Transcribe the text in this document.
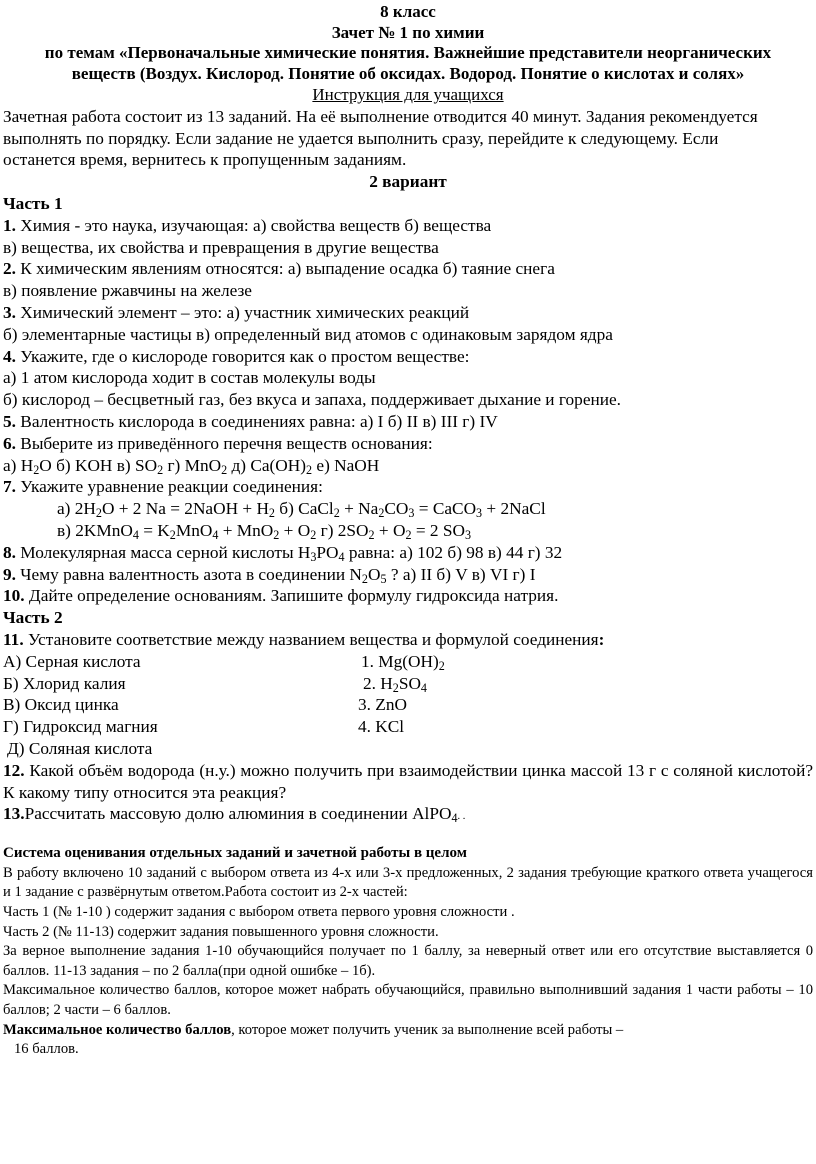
8 класс
Зачет № 1 по химии
по темам «Первоначальные химические понятия. Важнейшие представители неорганических веществ (Воздух. Кислород. Понятие об оксидах. Водород. Понятие о кислотах и солях»
Инструкция для учащихся
Зачетная работа состоит из 13 заданий. На её выполнение отводится 40 минут. Задания рекомендуется выполнять по порядку. Если задание не удается выполнить сразу, перейдите к следующему. Если останется время, вернитесь к пропущенным заданиям.
2 вариант
Часть 1
1. Химия - это наука, изучающая: а) свойства веществ б) вещества
в) вещества, их свойства и превращения в другие вещества
2. К химическим явлениям относятся: а) выпадение осадка б) таяние снега
в) появление ржавчины на железе
3. Химический элемент – это: а) участник химических реакций
б) элементарные частицы в) определенный вид атомов с одинаковым зарядом ядра
4. Укажите, где о кислороде говорится как о простом веществе:
а) 1 атом кислорода ходит в состав молекулы воды
б) кислород – бесцветный газ, без вкуса и запаха, поддерживает дыхание и горение.
5. Валентность кислорода в соединениях равна: а) I б) II в) III г) IV
6. Выберите из приведённого перечня веществ основания:
а) $H_2O$ б) KOH в) $SO_2$ г) MnO$_2$ д) $Ca(OH)_2$ е) NaOH
7. Укажите уравнение реакции соединения:
а) $2H_2O + 2$ Na = 2NaOH + $H_2$ б) CaCl$_2$ + $Na_2CO_3$ = CaCO$_3$ + 2NaCl
в) 2KMnO$_4$ = $K_2MnO_4 + MnO_2 + O_2$ г) $2SO_2 + O_2 = 2$ $SO_3$
8. Молекулярная масса серной кислоты $H_3PO_4$ равна: а) 102 б) 98 в) 44 г) 32
9. Чему равна валентность азота в соединении $N_2O_5$ ? а) II б) V в) VI г) I
10. Дайте определение основаниям. Запишите формулу гидроксида натрия.
Часть 2
11. Установите соответствие между названием вещества и формулой соединения:
А) Серная кислота	1. $Mg(OH)_2$
Б) Хлорид калия	2. $H_2SO_4$
В) Оксид цинка	3. ZnO
Г) Гидроксид магния	4. KCl
Д) Соляная кислота
12. Какой объём водорода (н.у.) можно получить при взаимодействии цинка массой 13 г с соляной кислотой? К какому типу относится эта реакция?
13.Рассчитать массовую долю алюминия в соединении AlPO$_4$. .
Система оценивания отдельных заданий и зачетной работы в целом
В работу включено 10 заданий с выбором ответа из 4-х или 3-х предложенных, 2 задания требующие краткого ответа учащегося и 1 задание с развёрнутым ответом.Работа состоит из 2-х частей:
Часть 1 (№ 1-10 ) содержит задания с выбором ответа первого уровня сложности .
Часть 2 (№ 11-13) содержит задания повышенного уровня сложности.
За верное выполнение задания 1-10 обучающийся получает по 1 баллу, за неверный ответ или его отсутствие выставляется 0 баллов. 11-13 задания – по 2 балла(при одной ошибке – 1б).
Максимальное количество баллов, которое может набрать обучающийся, правильно выполнивший задания 1 части работы – 10 баллов; 2 части – 6 баллов.
Максимальное количество баллов, которое может получить ученик за выполнение всей работы –
16 баллов.
